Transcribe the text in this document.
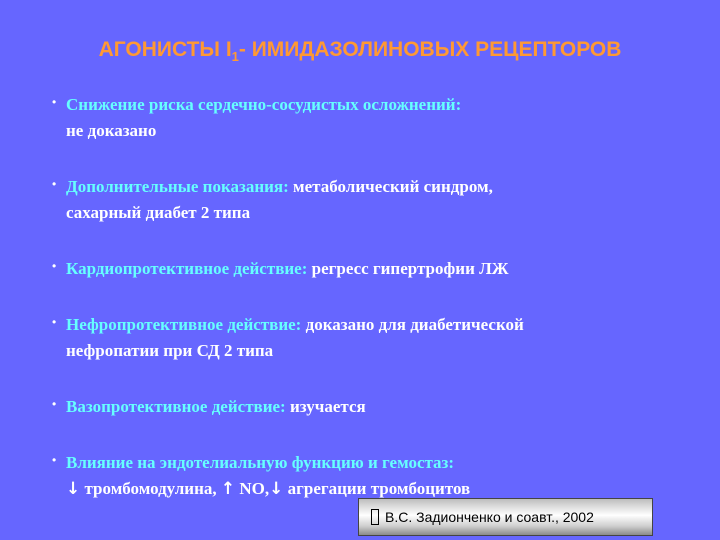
АГОНИСТЫ $I_1-$ ИМИДАЗОЛИНОВЫХ РЕЦЕПТОРОВ
• Снижение риска сердечно-сосудистых осложнений:
не доказано
• Дополнительные показания: метаболический синдром,
сахарный диабет 2 типа
• Кардиопротективное действие: регресс гипертрофии ЛЖ
• Нефропротективное действие: доказано для диабетической
нефропатии при СД 2 типа
• Вазопротективное действие: изучается
• Влияние на эндотелиальную функцию и гемостаз:
↓ тромбомодулина, ↑ NO,↓ агрегации тромбоцитов
В.С. Задионченко и соавт., 2002
